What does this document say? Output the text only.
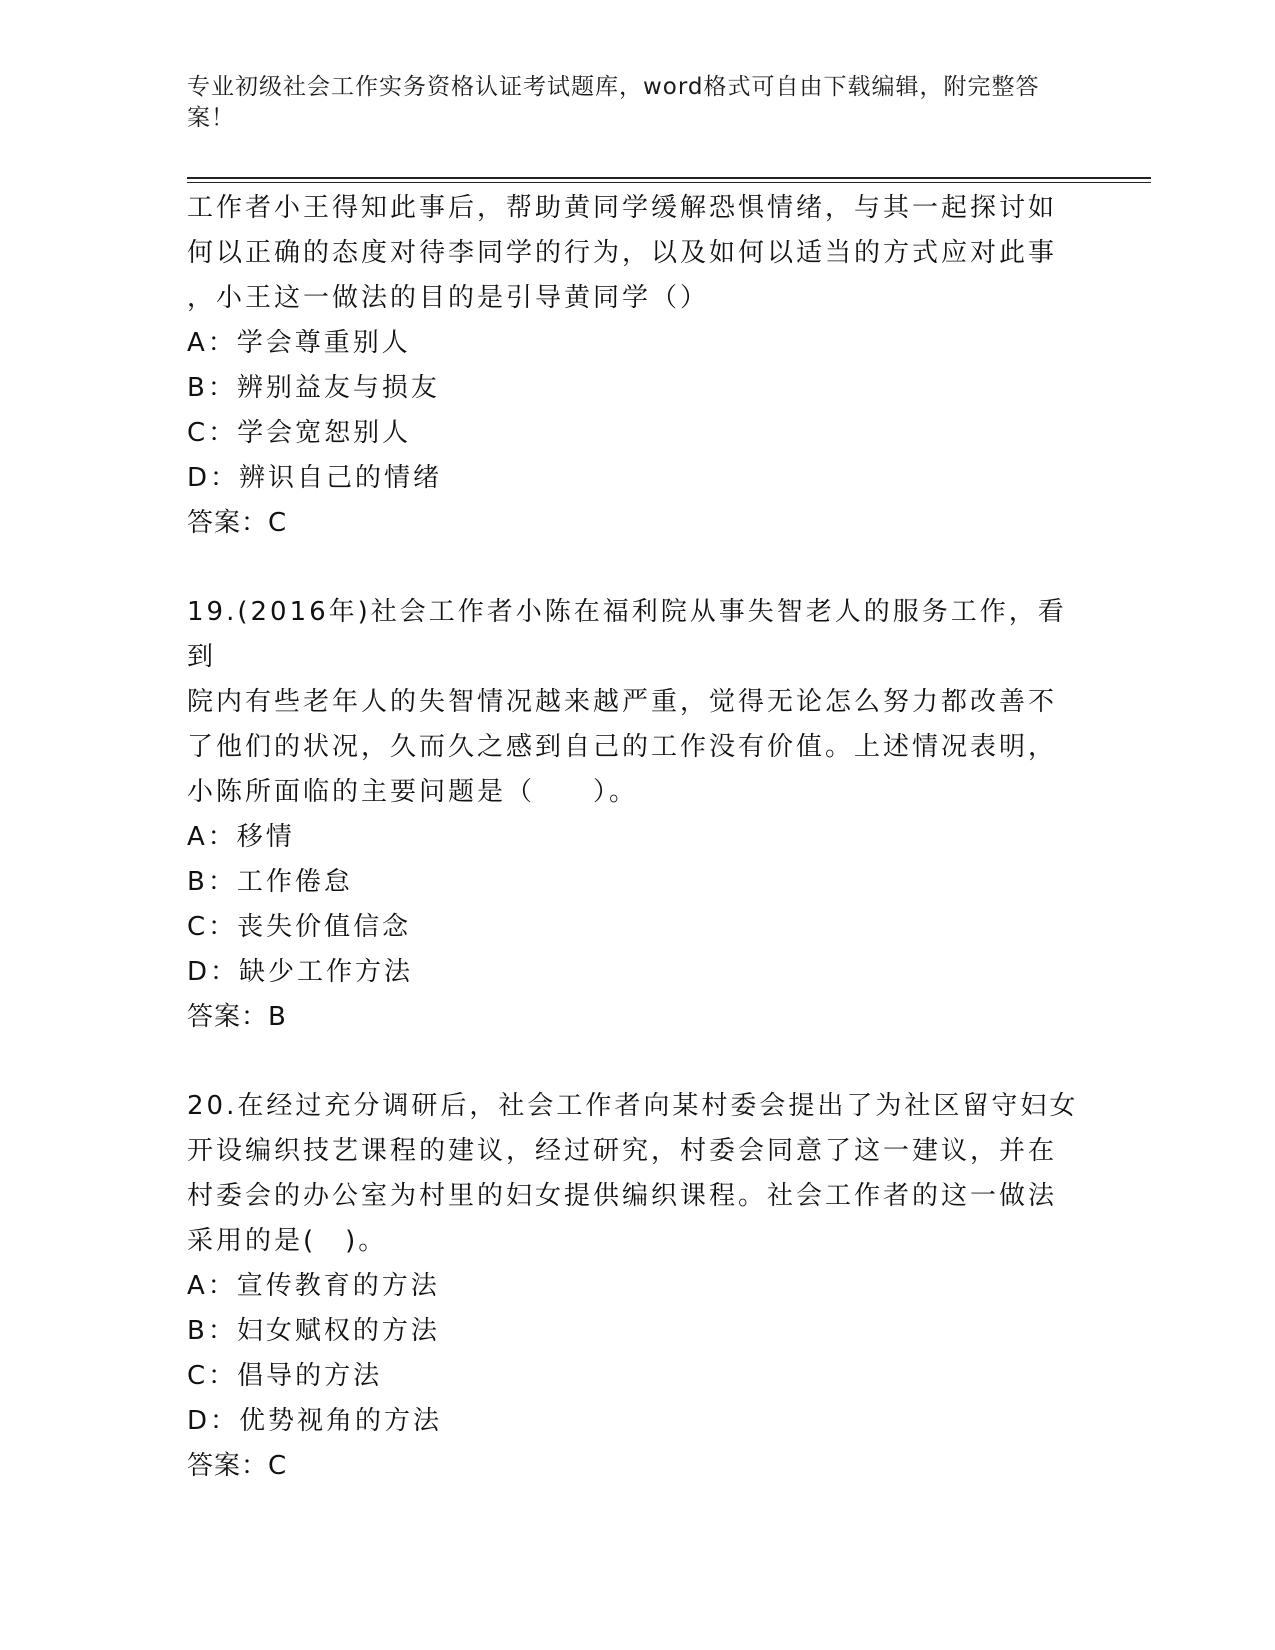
专业初级社会工作实务资格认证考试题库，word格式可自由下载编辑，附完整答
案！
工作者小王得知此事后，帮助黄同学缓解恐惧情绪，与其一起探讨如
何以正确的态度对待李同学的行为，以及如何以适当的方式应对此事
，小王这一做法的目的是引导黄同学（）
A：学会尊重别人
B：辨别益友与损友
C：学会宽恕别人
D：辨识自己的情绪
答案：C
19.(2016年)社会工作者小陈在福利院从事失智老人的服务工作，看到
院内有些老年人的失智情况越来越严重，觉得无论怎么努力都改善不
了他们的状况，久而久之感到自己的工作没有价值。上述情况表明，
小陈所面临的主要问题是（　　）。
A：移情
B：工作倦怠
C：丧失价值信念
D：缺少工作方法
答案：B
20.在经过充分调研后，社会工作者向某村委会提出了为社区留守妇女
开设编织技艺课程的建议，经过研究，村委会同意了这一建议，并在
村委会的办公室为村里的妇女提供编织课程。社会工作者的这一做法
采用的是(　)。
A：宣传教育的方法
B：妇女赋权的方法
C：倡导的方法
D：优势视角的方法
答案：C
